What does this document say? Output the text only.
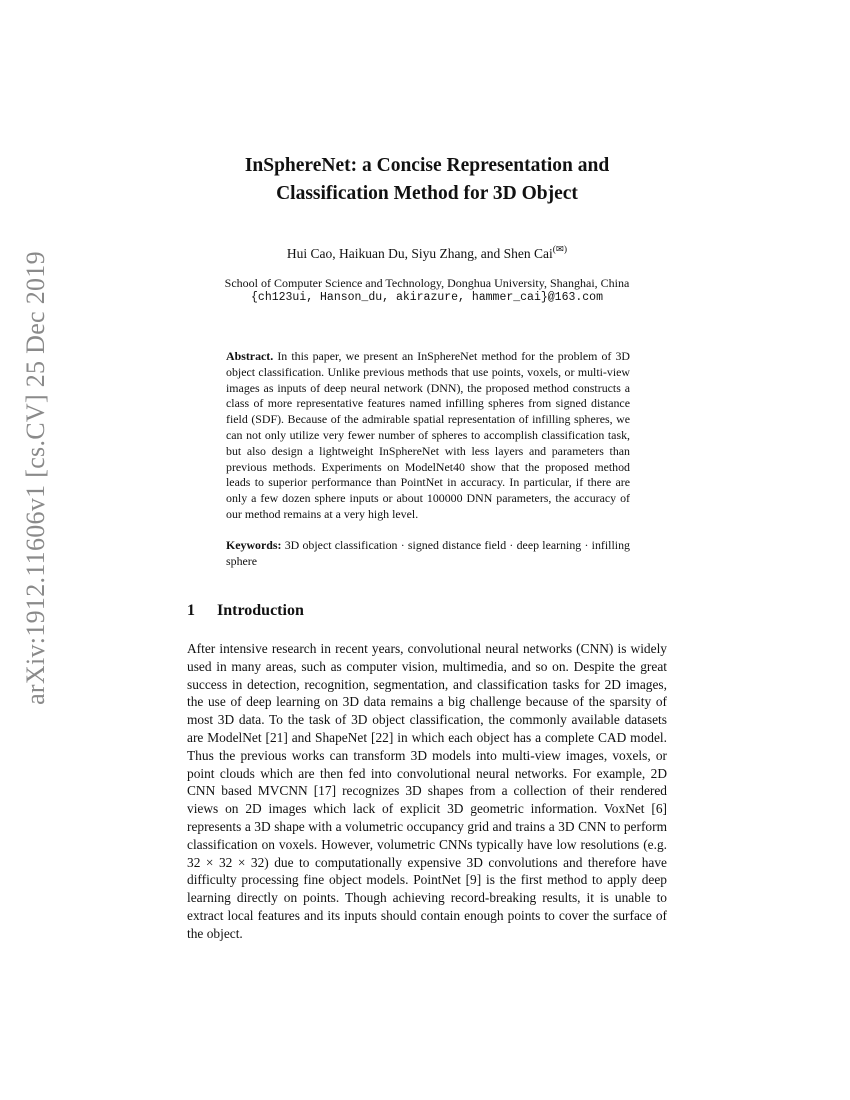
arXiv:1912.11606v1 [cs.CV] 25 Dec 2019
InSphereNet: a Concise Representation and
Classification Method for 3D Object
Hui Cao, Haikuan Du, Siyu Zhang, and Shen Cai(✉)
School of Computer Science and Technology, Donghua University, Shanghai, China
{ch123ui, Hanson_du, akirazure, hammer_cai}@163.com
Abstract. In this paper, we present an InSphereNet method for the problem of 3D object classification. Unlike previous methods that use points, voxels, or multi-view images as inputs of deep neural network (DNN), the proposed method constructs a class of more representative features named infilling spheres from signed distance field (SDF). Because of the admirable spatial representation of infilling spheres, we can not only utilize very fewer number of spheres to accomplish classification task, but also design a lightweight InSphereNet with less layers and parameters than previous methods. Experiments on ModelNet40 show that the proposed method leads to superior performance than PointNet in accuracy. In particular, if there are only a few dozen sphere inputs or about 100000 DNN parameters, the accuracy of our method remains at a very high level.
Keywords: 3D object classification · signed distance field · deep learning · infilling sphere
1 Introduction
After intensive research in recent years, convolutional neural networks (CNN) is widely used in many areas, such as computer vision, multimedia, and so on. Despite the great success in detection, recognition, segmentation, and classification tasks for 2D images, the use of deep learning on 3D data remains a big challenge because of the sparsity of most 3D data. To the task of 3D object classification, the commonly available datasets are ModelNet [21] and ShapeNet [22] in which each object has a complete CAD model. Thus the previous works can transform 3D models into multi-view images, voxels, or point clouds which are then fed into convolutional neural networks. For example, 2D CNN based MVCNN [17] recognizes 3D shapes from a collection of their rendered views on 2D images which lack of explicit 3D geometric information. VoxNet [6] represents a 3D shape with a volumetric occupancy grid and trains a 3D CNN to perform classification on voxels. However, volumetric CNNs typically have low resolutions (e.g. 32 × 32 × 32) due to computationally expensive 3D convolutions and therefore have difficulty processing fine object models. PointNet [9] is the first method to apply deep learning directly on points. Though achieving record-breaking results, it is unable to extract local features and its inputs should contain enough points to cover the surface of the object.
